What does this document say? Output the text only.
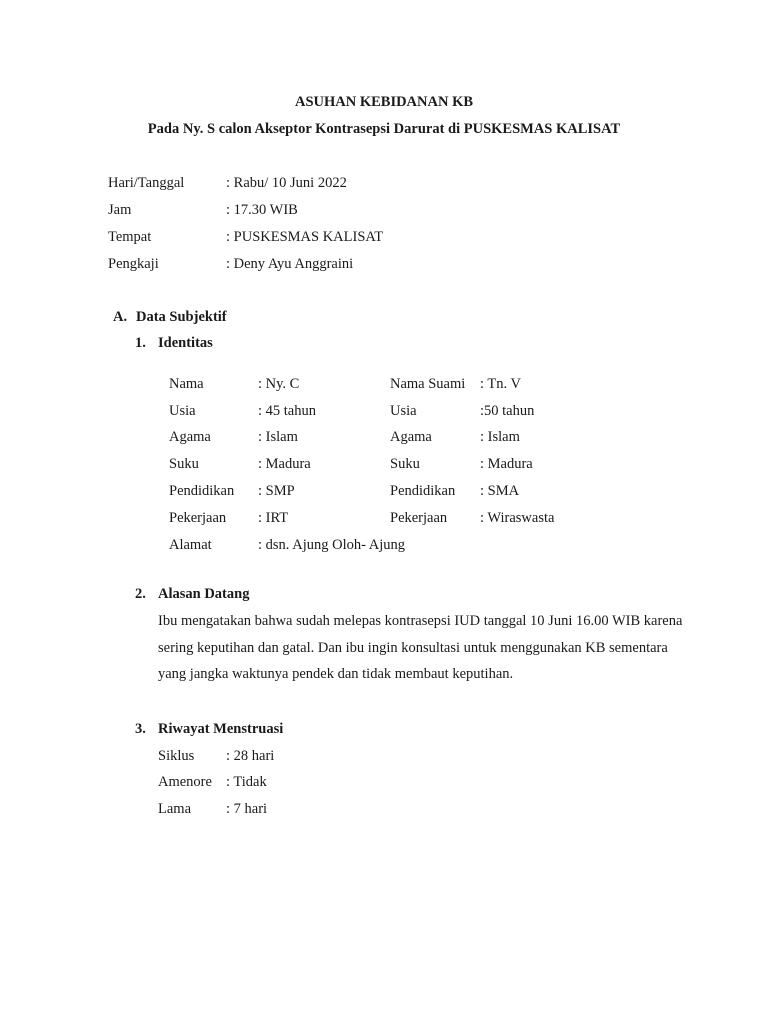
ASUHAN KEBIDANAN KB
Pada Ny. S calon Akseptor Kontrasepsi Darurat di PUSKESMAS KALISAT
Hari/Tanggal	: Rabu/ 10 Juni 2022
Jam	: 17.30 WIB
Tempat	: PUSKESMAS KALISAT
Pengkaji	: Deny Ayu Anggraini
A. Data Subjektif
1. Identitas
Nama	: Ny. C	Nama Suami : Tn. V
Usia	: 45 tahun	Usia	:50 tahun
Agama	: Islam	Agama	: Islam
Suku	: Madura	Suku	: Madura
Pendidikan : SMP	Pendidikan : SMA
Pekerjaan : IRT	Pekerjaan : Wiraswasta
Alamat	: dsn. Ajung Oloh- Ajung
2. Alasan Datang
Ibu mengatakan bahwa sudah melepas kontrasepsi IUD tanggal 10 Juni 16.00 WIB karena sering keputihan dan gatal. Dan ibu ingin konsultasi untuk menggunakan KB sementara yang jangka waktunya pendek dan tidak membaut keputihan.
3. Riwayat Menstruasi
Siklus : 28 hari
Amenore : Tidak
Lama : 7 hari
